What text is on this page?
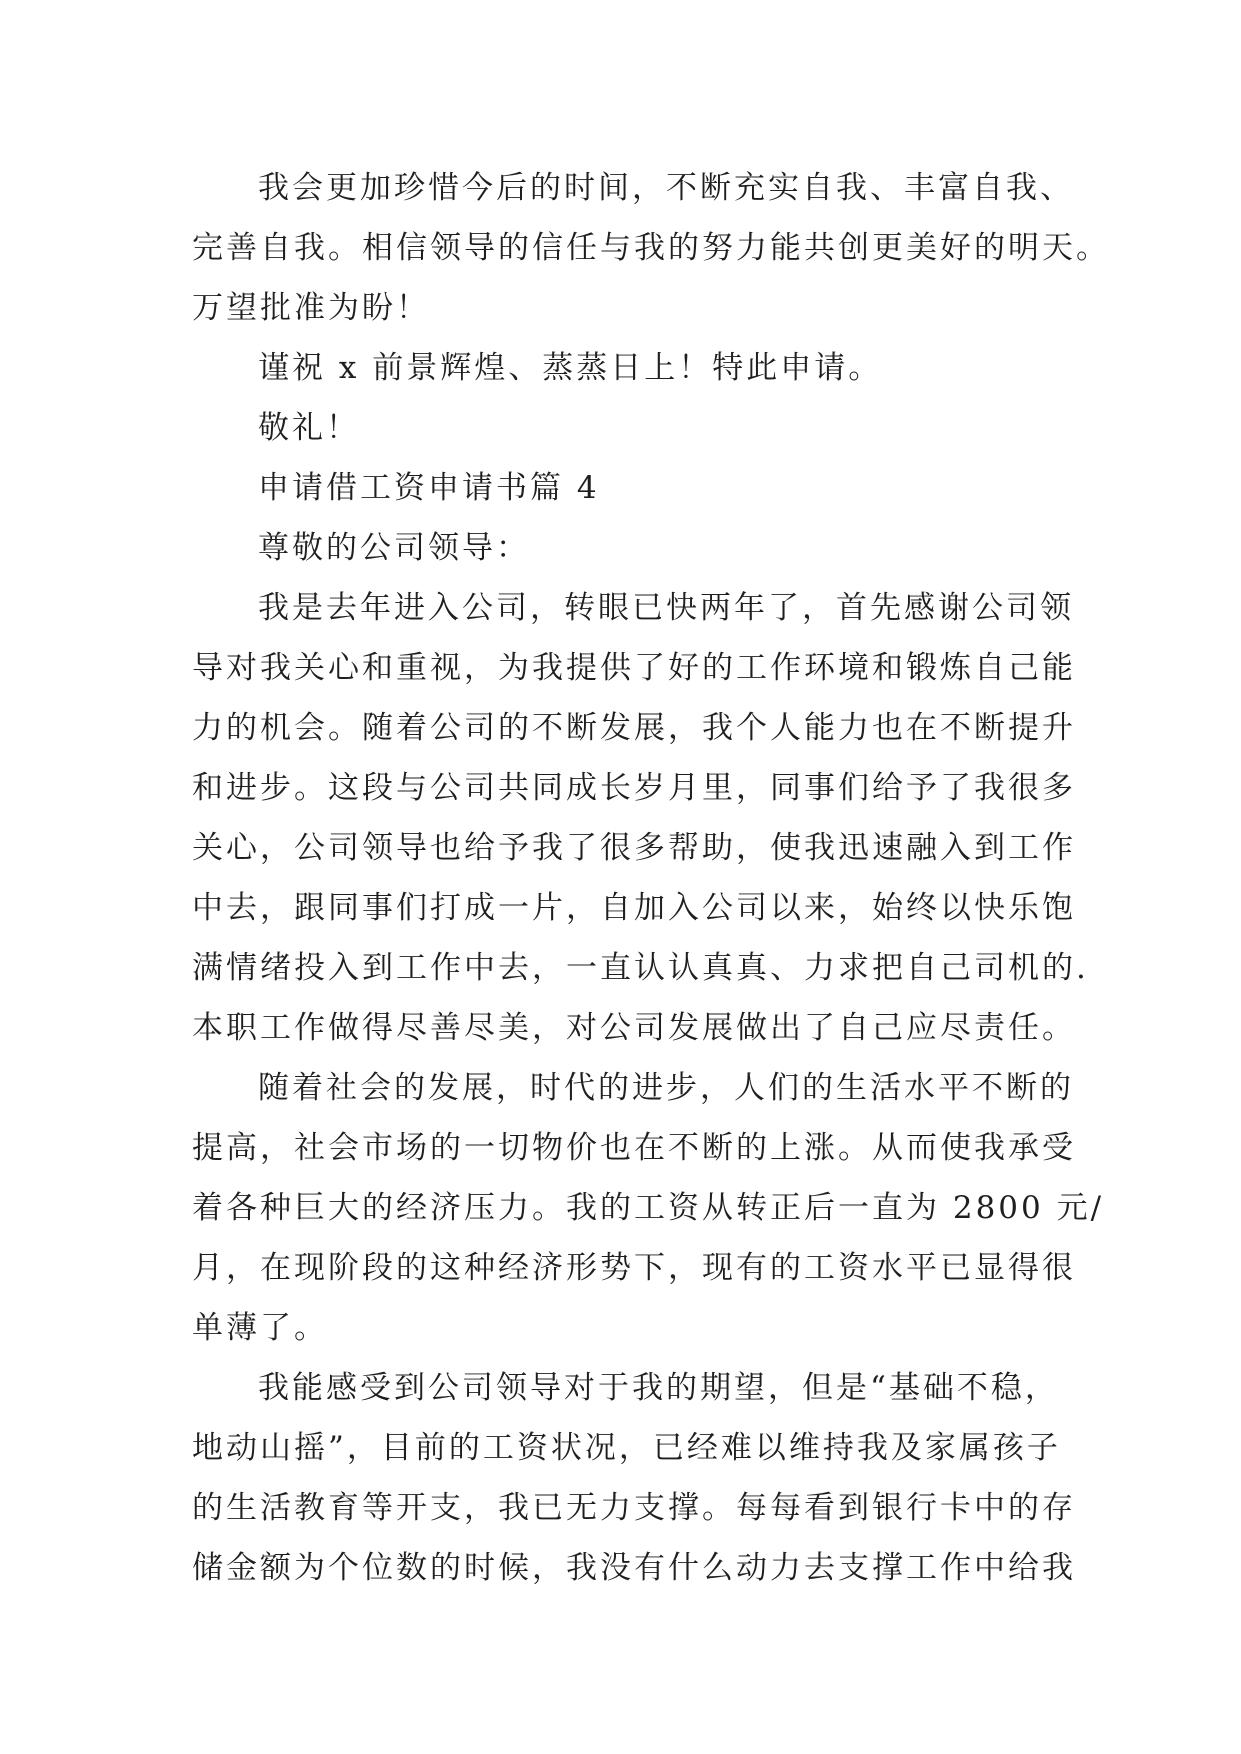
我会更加珍惜今后的时间，不断充实自我、丰富自我、
完善自我。相信领导的信任与我的努力能共创更美好的明天。
万望批准为盼！
谨祝 x 前景辉煌、蒸蒸日上！特此申请。
敬礼！
申请借工资申请书篇 4
尊敬的公司领导：
我是去年进入公司，转眼已快两年了，首先感谢公司领
导对我关心和重视，为我提供了好的工作环境和锻炼自己能
力的机会。随着公司的不断发展，我个人能力也在不断提升
和进步。这段与公司共同成长岁月里，同事们给予了我很多
关心，公司领导也给予我了很多帮助，使我迅速融入到工作
中去，跟同事们打成一片，自加入公司以来，始终以快乐饱
满情绪投入到工作中去，一直认认真真、力求把自己司机的.
本职工作做得尽善尽美，对公司发展做出了自己应尽责任。
随着社会的发展，时代的进步，人们的生活水平不断的
提高，社会市场的一切物价也在不断的上涨。从而使我承受
着各种巨大的经济压力。我的工资从转正后一直为 2800 元/
月，在现阶段的这种经济形势下，现有的工资水平已显得很
单薄了。
我能感受到公司领导对于我的期望，但是“基础不稳，
地动山摇”，目前的工资状况，已经难以维持我及家属孩子
的生活教育等开支，我已无力支撑。每每看到银行卡中的存
储金额为个位数的时候，我没有什么动力去支撑工作中给我
